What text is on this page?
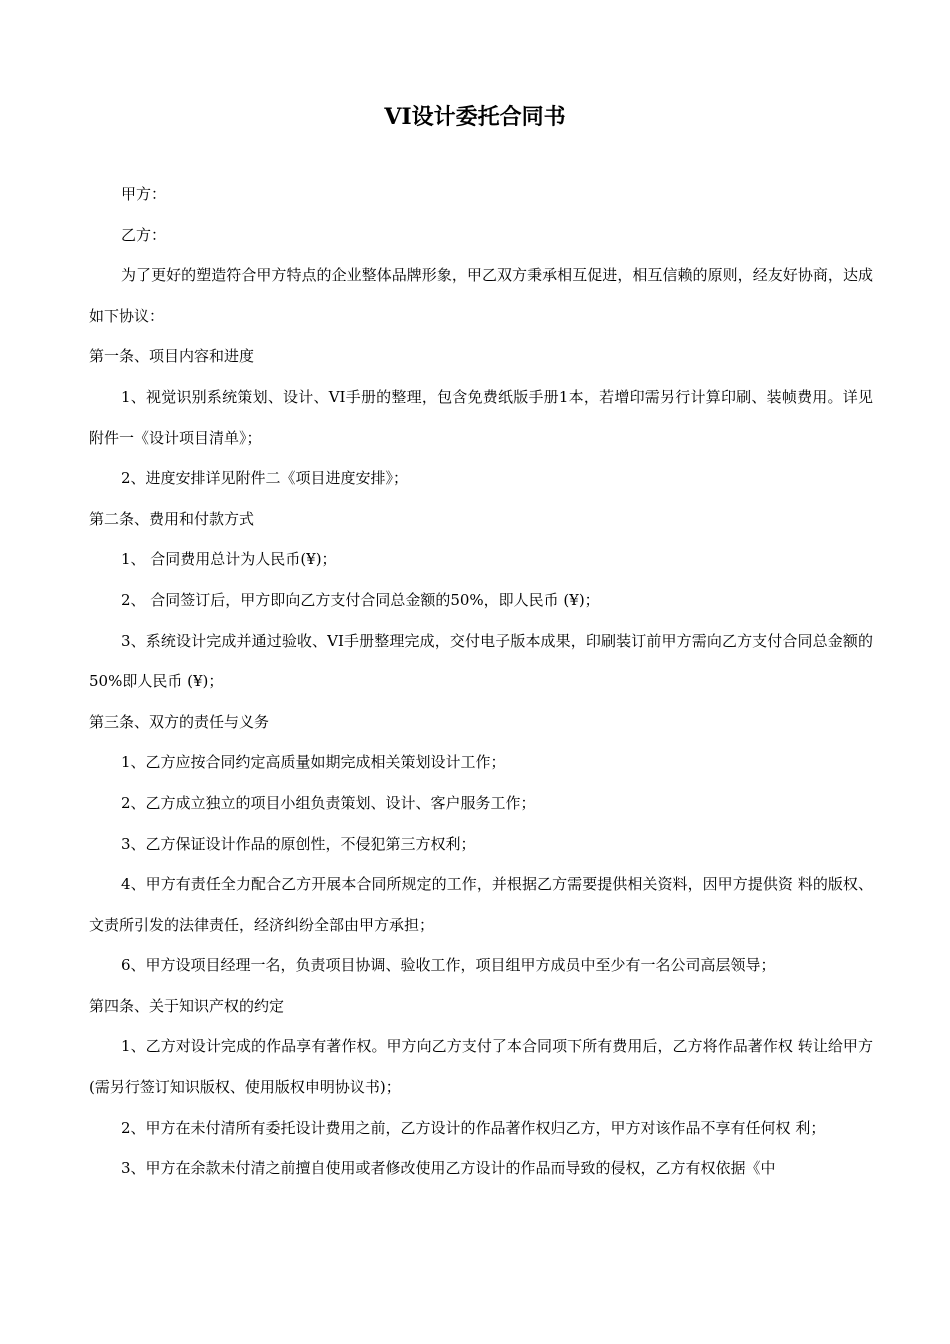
VI设计委托合同书

甲方：

乙方：

为了更好的塑造符合甲方特点的企业整体品牌形象，甲乙双方秉承相互促进，相互信赖的原则，经友好协商，达成如下协议：

第一条、项目内容和进度

1、视觉识别系统策划、设计、VI手册的整理，包含免费纸版手册1本，若增印需另行计算印刷、装帧费用。详见附件一《设计项目清单》；

2、进度安排详见附件二《项目进度安排》；

第二条、费用和付款方式

1、 合同费用总计为人民币(¥)；

2、 合同签订后，甲方即向乙方支付合同总金额的50%，即人民币 (¥)；

3、系统设计完成并通过验收、VI手册整理完成，交付电子版本成果，印刷装订前甲方需向乙方支付合同总金额的50%即人民币 (¥)；

第三条、双方的责任与义务

1、乙方应按合同约定高质量如期完成相关策划设计工作；

2、乙方成立独立的项目小组负责策划、设计、客户服务工作；

3、乙方保证设计作品的原创性，不侵犯第三方权利；

4、甲方有责任全力配合乙方开展本合同所规定的工作，并根据乙方需要提供相关资料，因甲方提供资 料的版权、文责所引发的法律责任，经济纠纷全部由甲方承担；

6、甲方设项目经理一名，负责项目协调、验收工作，项目组甲方成员中至少有一名公司高层领导；

第四条、关于知识产权的约定

1、乙方对设计完成的作品享有著作权。甲方向乙方支付了本合同项下所有费用后，乙方将作品著作权 转让给甲方(需另行签订知识版权、使用版权申明协议书)；

2、甲方在未付清所有委托设计费用之前，乙方设计的作品著作权归乙方，甲方对该作品不享有任何权 利；

3、甲方在余款未付清之前擅自使用或者修改使用乙方设计的作品而导致的侵权，乙方有权依据《中
